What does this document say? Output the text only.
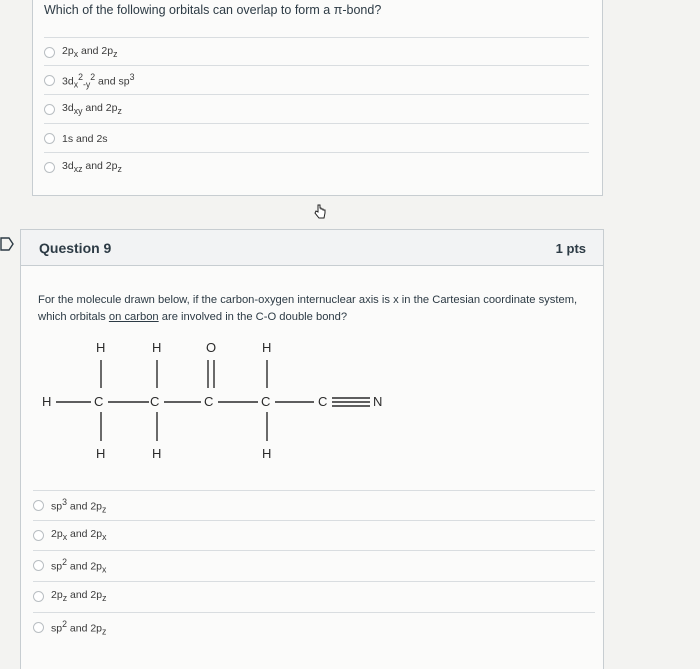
Which of the following orbitals can overlap to form a π-bond?
$2p_x$ and $2p_z$
$3d_x^2_{-y}^2$ and $sp^3$
$3d_{xy}$ and $2p_z$
1s and 2s
$3d_{xz}$ and $2p_z$
Question 9	1 pts
For the molecule drawn below, if the carbon-oxygen internuclear axis is x in the Cartesian coordinate system, which orbitals on carbon are involved in the C-O double bond?
H	H	O	H
H	C	C	C	C	C	N
H	H	H
$sp^3$ and $2p_z$
$2p_x$ and $2p_x$
$sp^2$ and $2p_x$
$2p_z$ and $2p_z$
$sp^2$ and $2p_z$
